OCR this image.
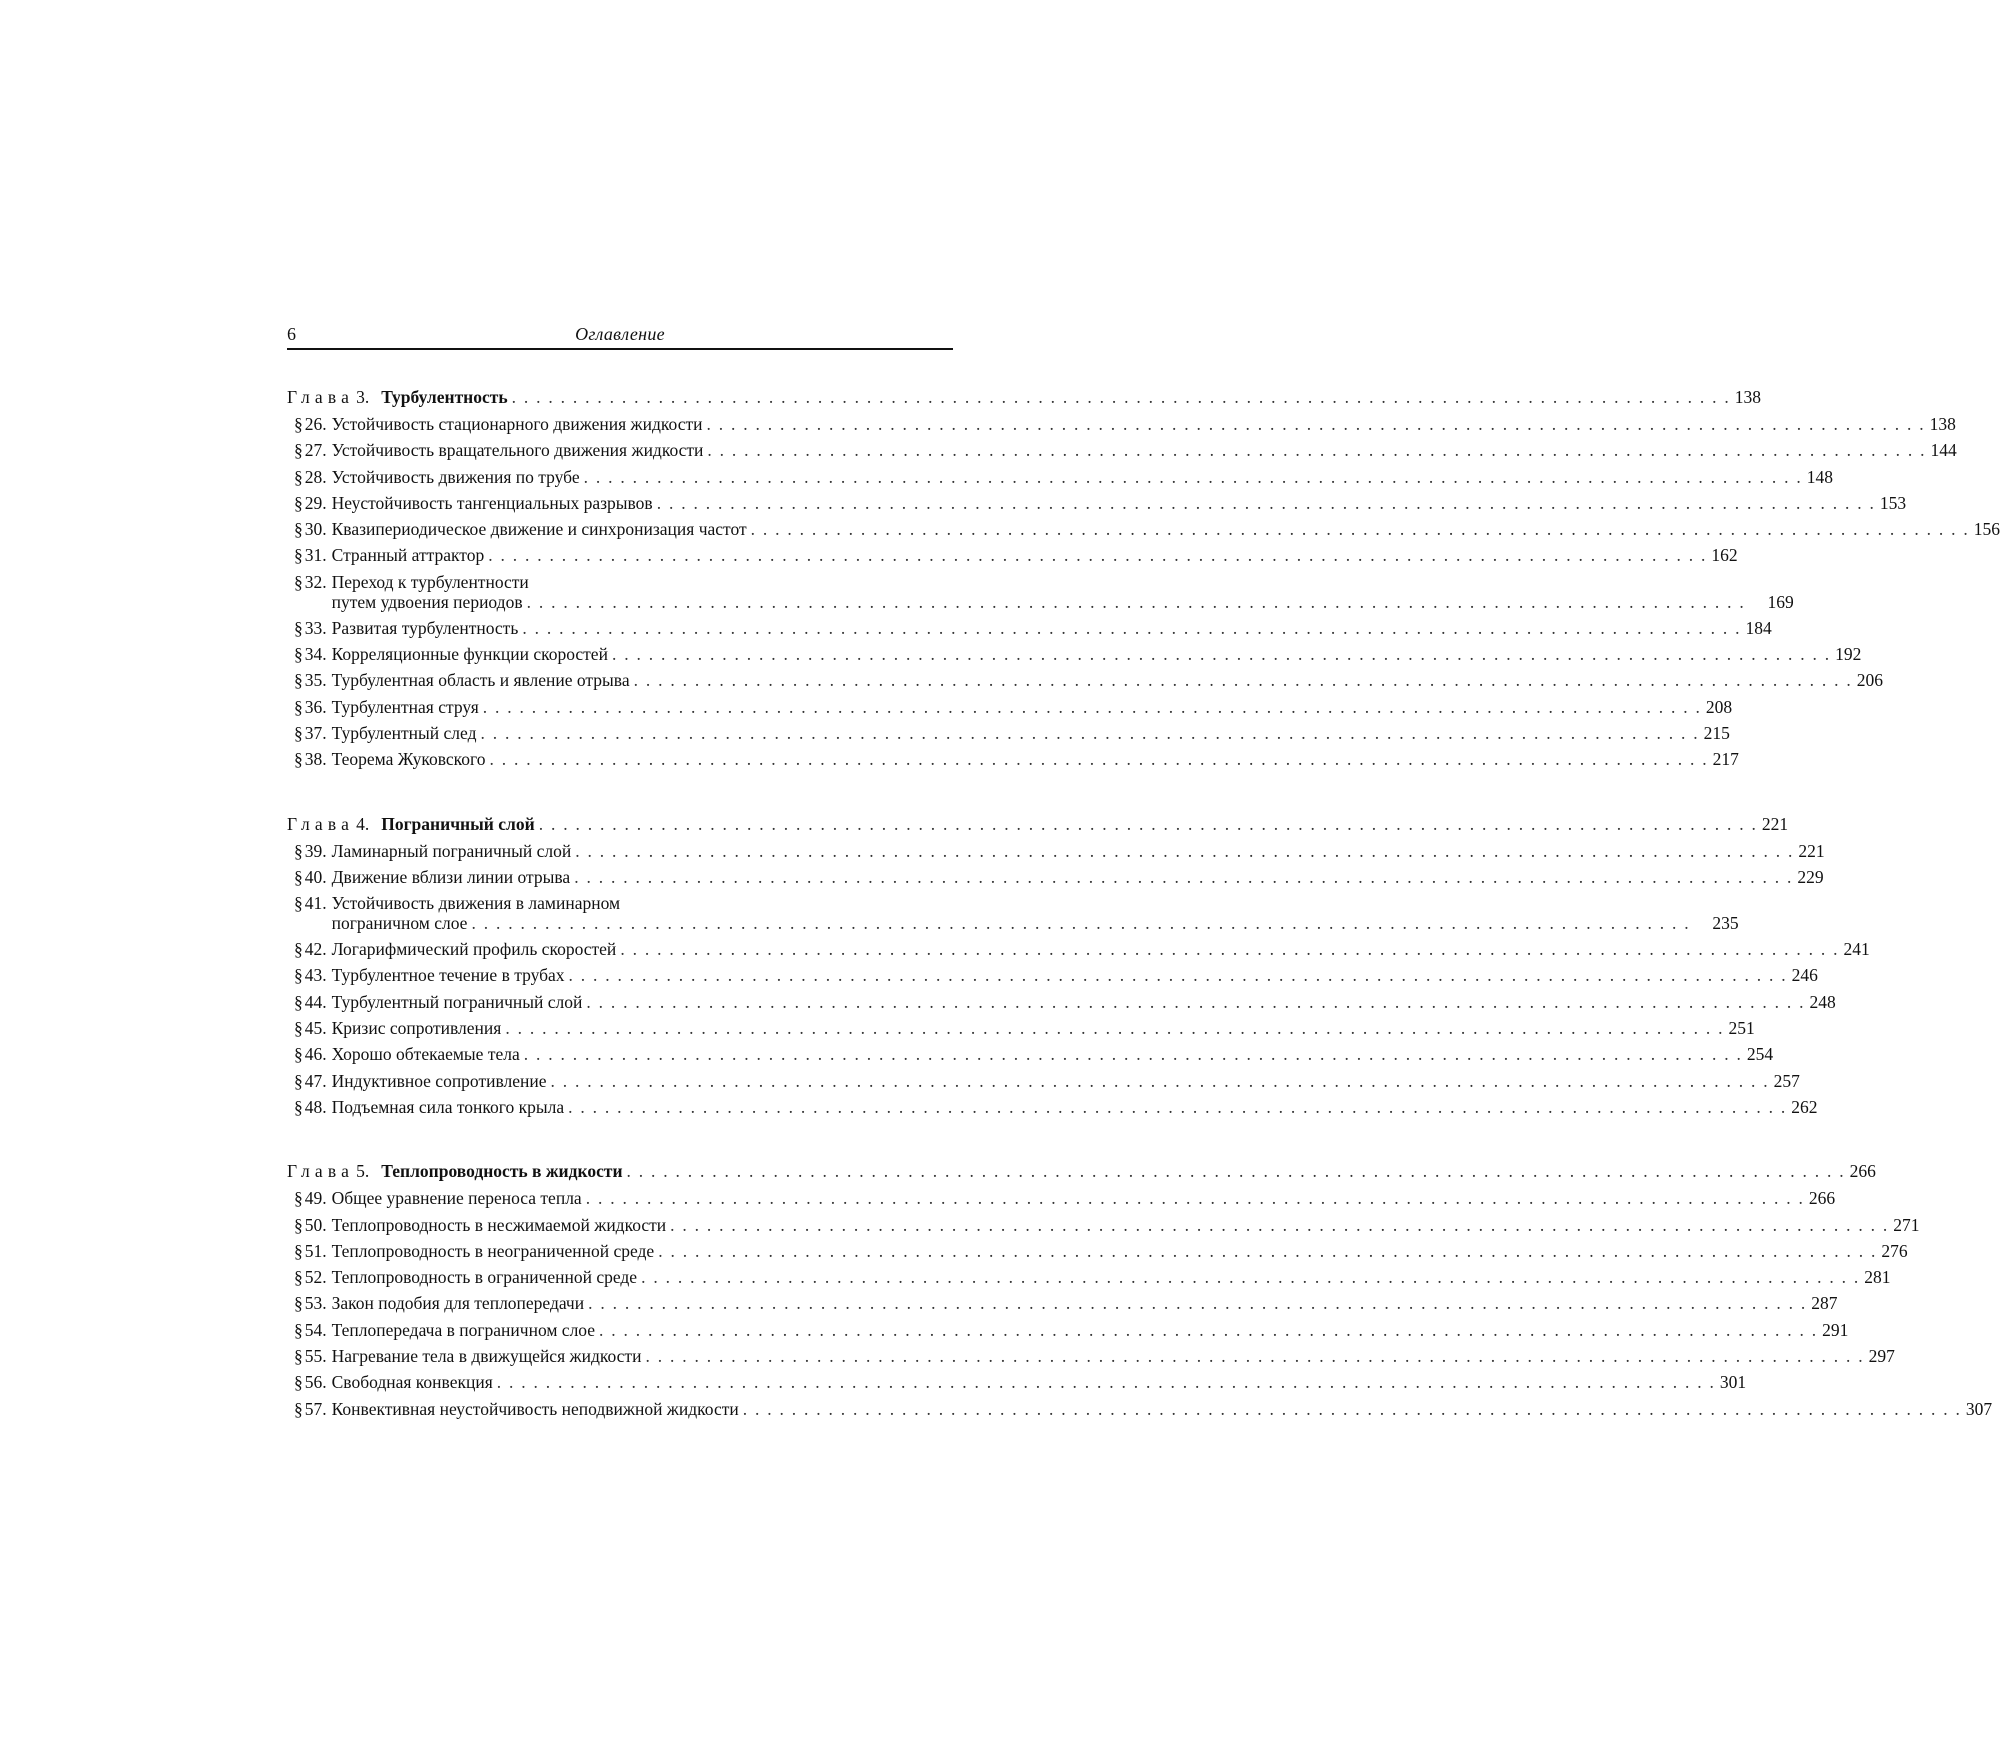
6	Оглавление
Глава 3. Турбулентность . . .	138
§ 26. Устойчивость стационарного движения жидкости . . .	138
§ 27. Устойчивость вращательного движения жидкости . . .	144
§ 28. Устойчивость движения по трубе . . .	148
§ 29. Неустойчивость тангенциальных разрывов . . .	153
§ 30. Квазипериодическое движение и синхронизация частот . . .	156
§ 31. Странный аттрактор . . .	162
§ 32. Переход к турбулентности
путем удвоения периодов . . .	169
§ 33. Развитая турбулентность . . .	184
§ 34. Корреляционные функции скоростей . . .	192
§ 35. Турбулентная область и явление отрыва . . .	206
§ 36. Турбулентная струя . . .	208
§ 37. Турбулентный след . . .	215
§ 38. Теорема Жуковского . . .	217
Глава 4. Пограничный слой . . .	221
§ 39. Ламинарный пограничный слой . . .	221
§ 40. Движение вблизи линии отрыва . . .	229
§ 41. Устойчивость движения в ламинарном
пограничном слое . . .	235
§ 42. Логарифмический профиль скоростей . . .	241
§ 43. Турбулентное течение в трубах . . .	246
§ 44. Турбулентный пограничный слой . . .	248
§ 45. Кризис сопротивления . . .	251
§ 46. Хорошо обтекаемые тела . . .	254
§ 47. Индуктивное сопротивление . . .	257
§ 48. Подъемная сила тонкого крыла . . .	262
Глава 5. Теплопроводность в жидкости . . .	266
§ 49. Общее уравнение переноса тепла . . .	266
§ 50. Теплопроводность в несжимаемой жидкости . . .	271
§ 51. Теплопроводность в неограниченной среде . . .	276
§ 52. Теплопроводность в ограниченной среде . . .	281
§ 53. Закон подобия для теплопередачи . . .	287
§ 54. Теплопередача в пограничном слое . . .	291
§ 55. Нагревание тела в движущейся жидкости . . .	297
§ 56. Свободная конвекция . . .	301
§ 57. Конвективная неустойчивость неподвижной жидкости . . .	307
